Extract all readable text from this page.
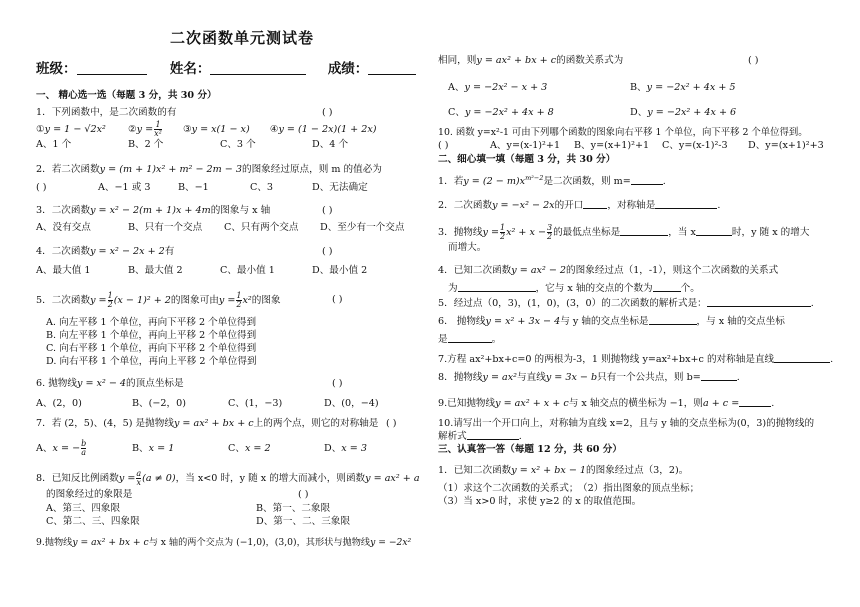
二次函数单元测试卷
班级：	姓名：	成绩：
一、 精心选一选（每题 3 分，共 30 分）
1．下列函数中，是二次函数的有	( )
①y = 1 − √2x² ②y = $\frac{1}{\text{x²}}$ ③y = x(1 − x) ④y = (1 − 2x)(1 + 2x)
A、1 个	B、2 个	C、3 个	D、4 个
2．若二次函数y = (m + 1)x² + m² − 2m − 3的图象经过原点，则 m 的值必为
( )	A、−1 或 3	B、−1	C、3	D、无法确定
3．二次函数y = x² − 2(m + 1)x + 4m的图象与 x 轴	( )
A、没有交点	B、只有一个交点 C、只有两个交点 D、至少有一个交点
4．二次函数y = x² − 2x + 2有	( )
A、最大值 1	B、最大值 2	C、最小值 1	D、最小值 2
5．二次函数$y = \frac{1}{2} (x - 1)^2 + 2$的图象可由$y = \frac{1}{2} x^2$的图象	( )
A. 向左平移 1 个单位，再向下平移 2 个单位得到
B. 向左平移 1 个单位，再向上平移 2 个单位得到
C. 向右平移 1 个单位，再向下平移 2 个单位得到
D. 向右平移 1 个单位，再向上平移 2 个单位得到
6. 抛物线y = x² − 4的顶点坐标是	( )
A、(2，0)	B、(−2，0)	C、(1，−3)	D、(0，−4)
7．若 (2，5)、(4，5) 是抛物线y = ax² + bx + c上的两个点，则它的对称轴是 ( )
A、x = − $\frac{b}{a}$	B、x = 1	C、x = 2	D、x = 3
8．已知反比例函数$y = \frac{a}{x} (a \ne 0)$，当 x<0 时，y 随 x 的增大而减小，则函数y = ax² + a
的图象经过的象限是	( )
A、第三、四象限	B、第一、二象限
C、第二、三、四象限	D、第一、二、三象限
9.抛物线y = ax² + bx + c与 x 轴的两个交点为 (−1,0)，(3,0)，其形状与抛物线y = −2x²
相同，则y = ax² + bx + c的函数关系式为	( )
A、y = −2x² − x + 3	B、y = −2x² + 4x + 5
C、y = −2x² + 4x + 8	D、y = −2x² + 4x + 6
10. 函数 y=x²-1 可由下列哪个函数的图象向右平移 1 个单位，向下平移 2 个单位得到。
( )	A、y=(x-1)²+1 B、y=(x+1)²+1 C、y=(x-1)²-3 D、y=(x+1)²+3
二、细心填一填（每题 3 分，共 30 分）
1．若$y = (2 - m)x^{m^2-2}$是二次函数，则 m=	.
2．二次函数y = −x² − 2x的开口	，对称轴是	.
3．抛物线$y = \frac{1}{2} x^2 + x - \frac{3}{2}$ 的最低点坐标是	，当 x	时，y 随 x 的增大
而增大。
4．已知二次函数y = ax² − 2的图象经过点（1，-1），则这个二次函数的关系式
为	，它与 x 轴的交点的个数为	个。
5．经过点（0，3)，(1，0)，(3，0）的二次函数的解析式是：	.
6． 抛物线y = x² + 3x − 4与 y 轴的交点坐标是	，与 x 轴的交点坐标
是	。
7.方程 ax²+bx+c=0 的两根为-3，1 则抛物线 y=ax²+bx+c 的对称轴是直线	.
8．抛物线y = ax²与直线y = 3x − b只有一个公共点，则 b=	.
9.已知抛物线y = ax² + x + c与 x 轴交点的横坐标为 −1，则a + c =	.
10.请写出一个开口向上，对称轴为直线 x=2，且与 y 轴的交点坐标为(0，3)的抛物线的
解析式	.
三、认真答一答（每题 12 分，共 60 分）
1．已知二次函数y = x² + bx − 1的图象经过点（3，2)。
（1）求这个二次函数的关系式；（2）指出图象的顶点坐标；
（3）当 x>0 时，求使 y≥2 的 x 的取值范围。
